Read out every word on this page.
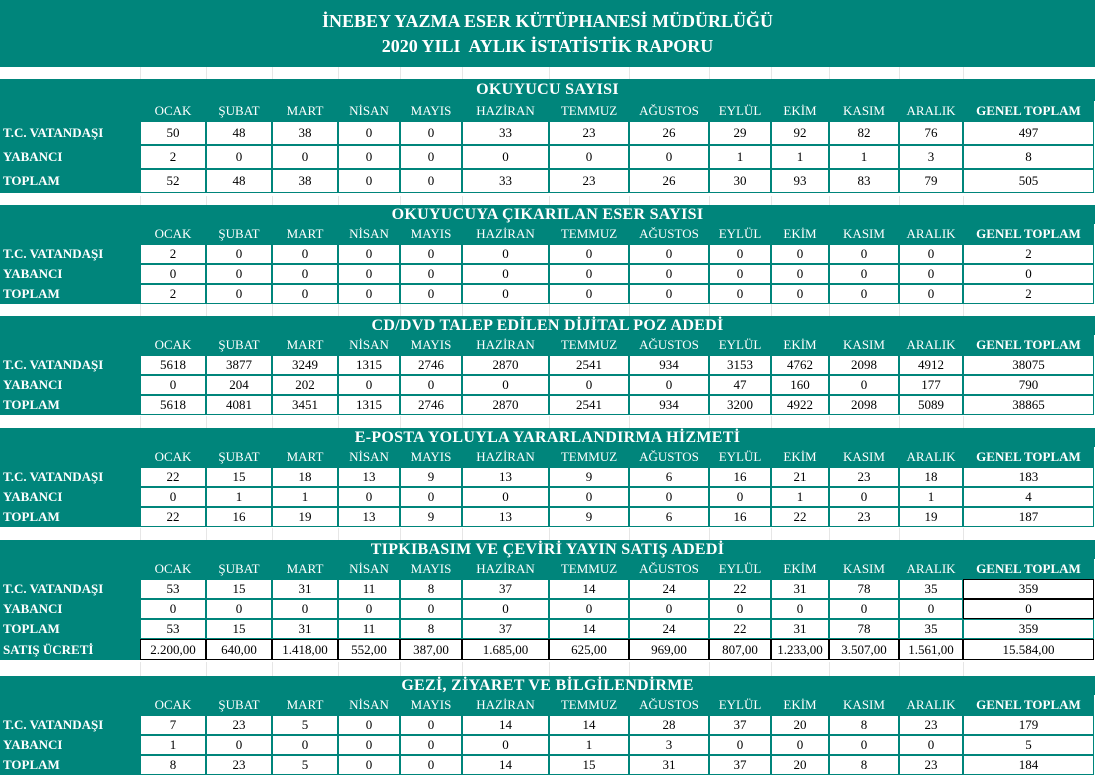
İNEBEY YAZMA ESER KÜTÜPHANESİ MÜDÜRLÜĞÜ
2020 YILI  AYLIK İSTATİSTİK RAPORU
OKUYUCU SAYISI
OCAK	ŞUBAT	MART	NİSAN	MAYIS	HAZİRAN	TEMMUZ	AĞUSTOS	EYLÜL	EKİM	KASIM	ARALIK	GENEL TOPLAM
T.C. VATANDAŞI	50	48	38	0	0	33	23	26	29	92	82	76	497
YABANCI	2	0	0	0	0	0	0	0	1	1	1	3	8
TOPLAM	52	48	38	0	0	33	23	26	30	93	83	79	505
OKUYUCUYA ÇIKARILAN ESER SAYISI
OCAK	ŞUBAT	MART	NİSAN	MAYIS	HAZİRAN	TEMMUZ	AĞUSTOS	EYLÜL	EKİM	KASIM	ARALIK	GENEL TOPLAM
T.C. VATANDAŞI	2	0	0	0	0	0	0	0	0	0	0	0	2
YABANCI	0	0	0	0	0	0	0	0	0	0	0	0	0
TOPLAM	2	0	0	0	0	0	0	0	0	0	0	0	2
CD/DVD TALEP EDİLEN DİJİTAL POZ ADEDİ
OCAK	ŞUBAT	MART	NİSAN	MAYIS	HAZİRAN	TEMMUZ	AĞUSTOS	EYLÜL	EKİM	KASIM	ARALIK	GENEL TOPLAM
T.C. VATANDAŞI	5618	3877	3249	1315	2746	2870	2541	934	3153	4762	2098	4912	38075
YABANCI	0	204	202	0	0	0	0	0	47	160	0	177	790
TOPLAM	5618	4081	3451	1315	2746	2870	2541	934	3200	4922	2098	5089	38865
E-POSTA YOLUYLA YARARLANDIRMA HİZMETİ
OCAK	ŞUBAT	MART	NİSAN	MAYIS	HAZİRAN	TEMMUZ	AĞUSTOS	EYLÜL	EKİM	KASIM	ARALIK	GENEL TOPLAM
T.C. VATANDAŞI	22	15	18	13	9	13	9	6	16	21	23	18	183
YABANCI	0	1	1	0	0	0	0	0	0	1	0	1	4
TOPLAM	22	16	19	13	9	13	9	6	16	22	23	19	187
TIPKIBASIM VE ÇEVİRİ YAYIN SATIŞ ADEDİ
OCAK	ŞUBAT	MART	NİSAN	MAYIS	HAZİRAN	TEMMUZ	AĞUSTOS	EYLÜL	EKİM	KASIM	ARALIK	GENEL TOPLAM
T.C. VATANDAŞI	53	15	31	11	8	37	14	24	22	31	78	35	359
YABANCI	0	0	0	0	0	0	0	0	0	0	0	0	0
TOPLAM	53	15	31	11	8	37	14	24	22	31	78	35	359
SATIŞ ÜCRETİ	2.200,00	640,00	1.418,00	552,00	387,00	1.685,00	625,00	969,00	807,00	1.233,00	3.507,00	1.561,00	15.584,00
GEZİ, ZİYARET VE BİLGİLENDİRME
OCAK	ŞUBAT	MART	NİSAN	MAYIS	HAZİRAN	TEMMUZ	AĞUSTOS	EYLÜL	EKİM	KASIM	ARALIK	GENEL TOPLAM
T.C. VATANDAŞI	7	23	5	0	0	14	14	28	37	20	8	23	179
YABANCI	1	0	0	0	0	0	1	3	0	0	0	0	5
TOPLAM	8	23	5	0	0	14	15	31	37	20	8	23	184
